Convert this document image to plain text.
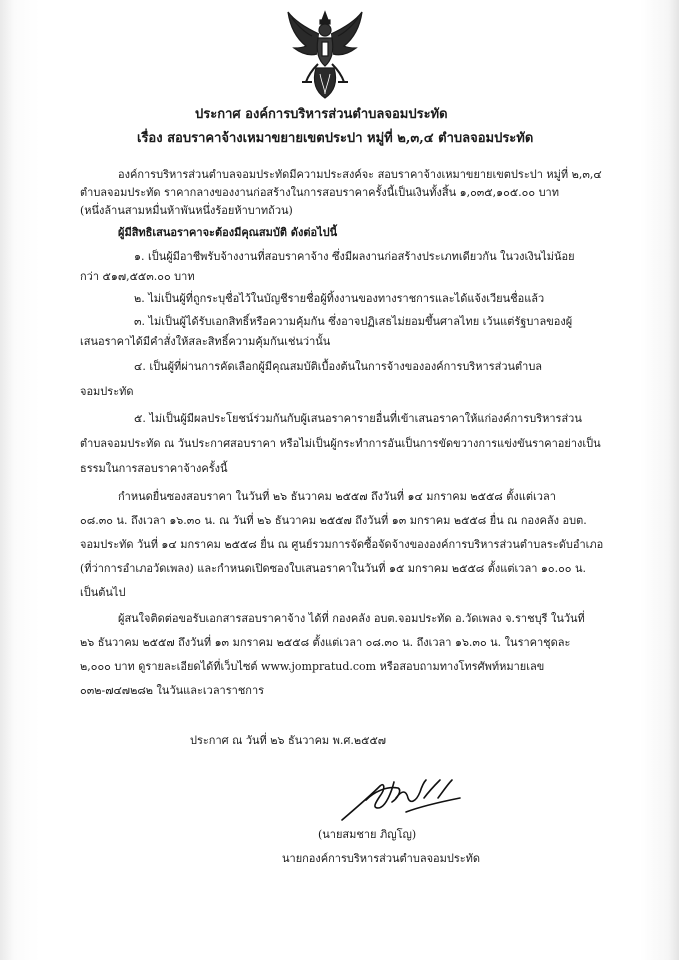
ประกาศ องค์การบริหารส่วนตำบลจอมประทัด
เรื่อง สอบราคาจ้างเหมาขยายเขตประปา หมู่ที่ ๒,๓,๔ ตำบลจอมประทัด
องค์การบริหารส่วนตำบลจอมประทัดมีความประสงค์จะ สอบราคาจ้างเหมาขยายเขตประปา หมู่ที่ ๒,๓,๔
ตำบลจอมประทัด ราคากลางของงานก่อสร้างในการสอบราคาครั้งนี้เป็นเงินทั้งสิ้น ๑,๐๓๕,๑๐๕.๐๐ บาท
(หนึ่งล้านสามหมื่นห้าพันหนึ่งร้อยห้าบาทถ้วน)
ผู้มีสิทธิเสนอราคาจะต้องมีคุณสมบัติ ดังต่อไปนี้
๑. เป็นผู้มีอาชีพรับจ้างงานที่สอบราคาจ้าง ซึ่งมีผลงานก่อสร้างประเภทเดียวกัน ในวงเงินไม่น้อย
กว่า ๕๑๗,๕๕๓.๐๐ บาท
๒. ไม่เป็นผู้ที่ถูกระบุชื่อไว้ในบัญชีรายชื่อผู้ทิ้งงานของทางราชการและได้แจ้งเวียนชื่อแล้ว
๓. ไม่เป็นผู้ได้รับเอกสิทธิ์หรือความคุ้มกัน ซึ่งอาจปฏิเสธไม่ยอมขึ้นศาลไทย เว้นแต่รัฐบาลของผู้
เสนอราคาได้มีคำสั่งให้สละสิทธิ์ความคุ้มกันเช่นว่านั้น
๔. เป็นผู้ที่ผ่านการคัดเลือกผู้มีคุณสมบัติเบื้องต้นในการจ้างขององค์การบริหารส่วนตำบล
จอมประทัด
๕. ไม่เป็นผู้มีผลประโยชน์ร่วมกันกับผู้เสนอราคารายอื่นที่เข้าเสนอราคาให้แก่องค์การบริหารส่วน
ตำบลจอมประทัด ณ วันประกาศสอบราคา หรือไม่เป็นผู้กระทำการอันเป็นการขัดขวางการแข่งขันราคาอย่างเป็น
ธรรมในการสอบราคาจ้างครั้งนี้
กำหนดยื่นซองสอบราคา ในวันที่ ๒๖ ธันวาคม ๒๕๕๗ ถึงวันที่ ๑๔ มกราคม ๒๕๕๘ ตั้งแต่เวลา
๐๘.๓๐ น. ถึงเวลา ๑๖.๓๐ น. ณ วันที่ ๒๖ ธันวาคม ๒๕๕๗ ถึงวันที่ ๑๓ มกราคม ๒๕๕๘ ยื่น ณ กองคลัง อบต.
จอมประทัด วันที่ ๑๔ มกราคม ๒๕๕๘ ยื่น ณ ศูนย์รวมการจัดซื้อจัดจ้างขององค์การบริหารส่วนตำบลระดับอำเภอ
(ที่ว่าการอำเภอวัดเพลง) และกำหนดเปิดซองใบเสนอราคาในวันที่ ๑๕ มกราคม ๒๕๕๘ ตั้งแต่เวลา ๑๐.๐๐ น.
เป็นต้นไป
ผู้สนใจติดต่อขอรับเอกสารสอบราคาจ้าง ได้ที่ กองคลัง อบต.จอมประทัด อ.วัดเพลง จ.ราชบุรี ในวันที่
๒๖ ธันวาคม ๒๕๕๗ ถึงวันที่ ๑๓ มกราคม ๒๕๕๘ ตั้งแต่เวลา ๐๘.๓๐ น. ถึงเวลา ๑๖.๓๐ น. ในราคาชุดละ
๒,๐๐๐ บาท ดูรายละเอียดได้ที่เว็บไซต์ www.jompratud.com หรือสอบถามทางโทรศัพท์หมายเลข
๐๓๒-๗๔๗๒๘๒ ในวันและเวลาราชการ
ประกาศ ณ วันที่ ๒๖ ธันวาคม พ.ศ.๒๕๕๗
(นายสมชาย ภิญโญ)
นายกองค์การบริหารส่วนตำบลจอมประทัด
